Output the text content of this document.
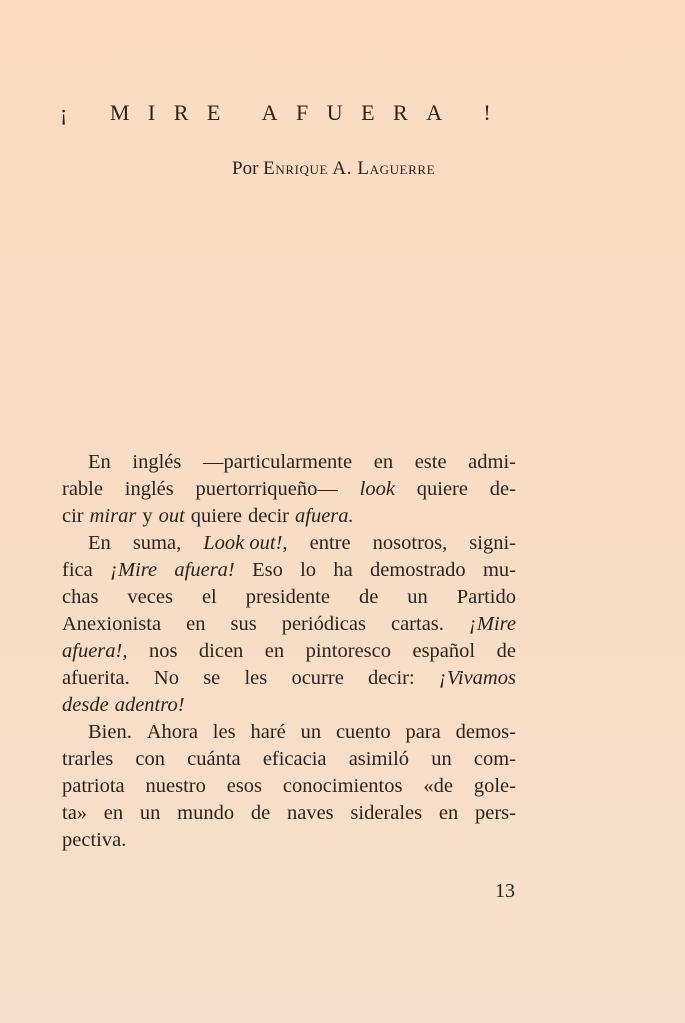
¡ MIRE AFUERA !

Por Enrique A. Laguerre

En inglés —particularmente en este admi-
rable inglés puertorriqueño— look quiere de-
cir mirar y out quiere decir afuera.
En suma, Look out!, entre nosotros, signi-
fica ¡Mire afuera! Eso lo ha demostrado mu-
chas veces el presidente de un Partido
Anexionista en sus periódicas cartas. ¡Mire
afuera!, nos dicen en pintoresco español de
afuerita. No se les ocurre decir: ¡Vivamos
desde adentro!
Bien. Ahora les haré un cuento para demos-
trarles con cuánta eficacia asimiló un com-
patriota nuestro esos conocimientos «de gole-
ta» en un mundo de naves siderales en pers-
pectiva.

13
